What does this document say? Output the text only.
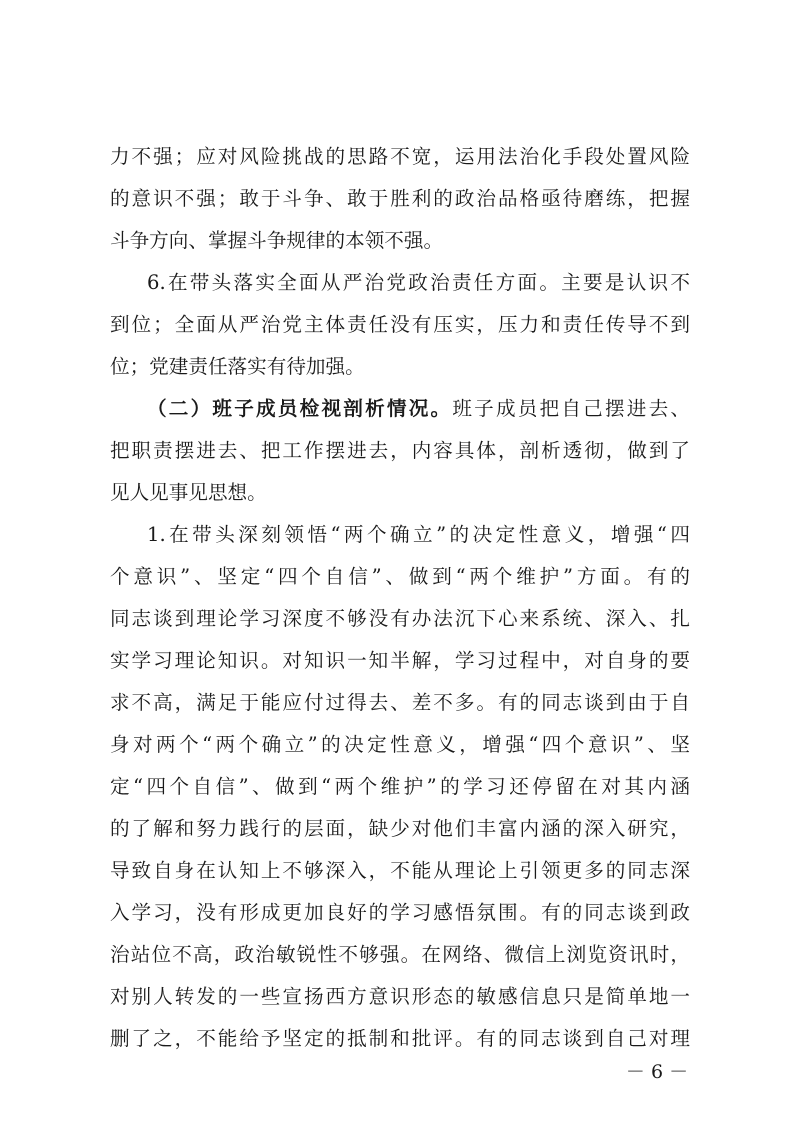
力不强；应对风险挑战的思路不宽，运用法治化手段处置风险
的意识不强；敢于斗争、敢于胜利的政治品格亟待磨练，把握
斗争方向、掌握斗争规律的本领不强。
6.在带头落实全面从严治党政治责任方面。主要是认识不
到位；全面从严治党主体责任没有压实，压力和责任传导不到
位；党建责任落实有待加强。
（二）班子成员检视剖析情况。班子成员把自己摆进去、
把职责摆进去、把工作摆进去，内容具体，剖析透彻，做到了
见人见事见思想。
1.在带头深刻领悟“两个确立”的决定性意义，增强“四
个意识”、坚定“四个自信”、做到“两个维护”方面。有的
同志谈到理论学习深度不够没有办法沉下心来系统、深入、扎
实学习理论知识。对知识一知半解，学习过程中，对自身的要
求不高，满足于能应付过得去、差不多。有的同志谈到由于自
身对两个“两个确立”的决定性意义，增强“四个意识”、坚
定“四个自信”、做到“两个维护”的学习还停留在对其内涵
的了解和努力践行的层面，缺少对他们丰富内涵的深入研究，
导致自身在认知上不够深入，不能从理论上引领更多的同志深
入学习，没有形成更加良好的学习感悟氛围。有的同志谈到政
治站位不高，政治敏锐性不够强。在网络、微信上浏览资讯时，
对别人转发的一些宣扬西方意识形态的敏感信息只是简单地一
删了之，不能给予坚定的抵制和批评。有的同志谈到自己对理
－ 6 －
